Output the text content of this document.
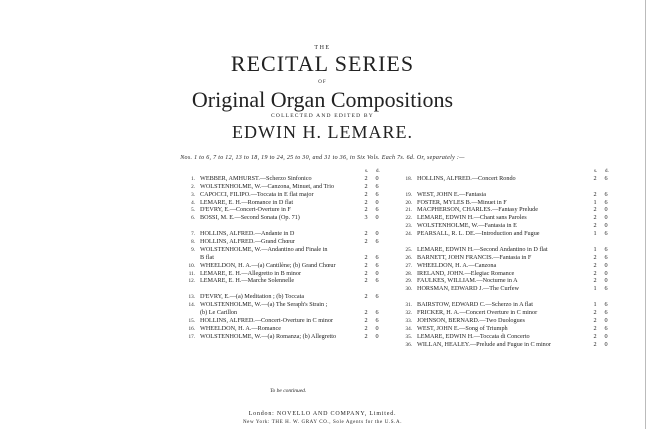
THE
RECITAL SERIES
OF
Original Organ Compositions
COLLECTED AND EDITED BY
EDWIN H. LEMARE.
Nos. 1 to 6, 7 to 12, 13 to 18, 19 to 24, 25 to 30, and 31 to 36, in Six Vols. Each 7s. 6d. Or, separately :—
s. d.
1. WEBBER, AMHURST.—Scherzo Sinfonico	2 0
2. WOLSTENHOLME, W.—Canzona, Minuet, and Trio	2 6
3. CAPOCCI, FILIPO.—Toccata in E flat major	2 6
4. LEMARE, E. H.—Romance in D flat	2 0
5. D'EVRY, E.—Concert-Overture in F	2 6
6. BOSSI, M. E.—Second Sonata (Op. 71)	3 0
7. HOLLINS, ALFRED.—Andante in D	2 0
8. HOLLINS, ALFRED.—Grand Chœur	2 6
9. WOLSTENHOLME, W.—Andantino and Finale in
B flat	2 6
10. WHEELDON, H. A.—(a) Cantilène; (b) Grand Chœur	2 6
11. LEMARE, E. H.—Allegretto in B minor	2 0
12. LEMARE, E. H.—Marche Solennelle	2 6
13. D'EVRY, E.—(a) Meditation ; (b) Toccata	2 6
14. WOLSTENHOLME, W.—(a) The Seraph's Strain ;
(b) Le Carillon	2 6
15. HOLLINS, ALFRED.—Concert-Overture in C minor	2 6
16. WHEELDON, H. A.—Romance	2 0
17. WOLSTENHOLME, W.—(a) Romanza; (b) Allegretto	2 0
s. d.
18. HOLLINS, ALFRED.—Concert Rondo	2 6
19. WEST, JOHN E.—Fantasia	2 6
20. FOSTER, MYLES B.—Minuet in F	1 6
21. MACPHERSON, CHARLES.—Fantasy Prelude	2 0
22. LEMARE, EDWIN H.—Chant sans Paroles	2 0
23. WOLSTENHOLME, W.—Fantasia in E	2 0
24. PEARSALL, R. L. DE.—Introduction and Fugue	1 6
25. LEMARE, EDWIN H.—Second Andantino in D flat	1 6
26. BARNETT, JOHN FRANCIS.—Fantasia in F	2 6
27. WHEELDON, H. A.—Canzona	2 0
28. IRELAND, JOHN.—Elegiac Romance	2 0
29. FAULKES, WILLIAM.—Nocturne in A	2 0
30. HORSMAN, EDWARD J.—The Curfew	1 6
31. BAIRSTOW, EDWARD C.—Scherzo in A flat	1 6
32. FRICKER, H. A.—Concert Overture in C minor	2 6
33. JOHNSON, BERNARD.—Two Duologues	2 0
34. WEST, JOHN E.—Song of Triumph	2 6
35. LEMARE, EDWIN H.—Toccata di Concerto	2 0
36. WILLAN, HEALEY.—Prelude and Fugue in C minor	2 0
To be continued.
London: NOVELLO AND COMPANY, Limited.
New York: THE H. W. GRAY CO., Sole Agents for the U.S.A.
